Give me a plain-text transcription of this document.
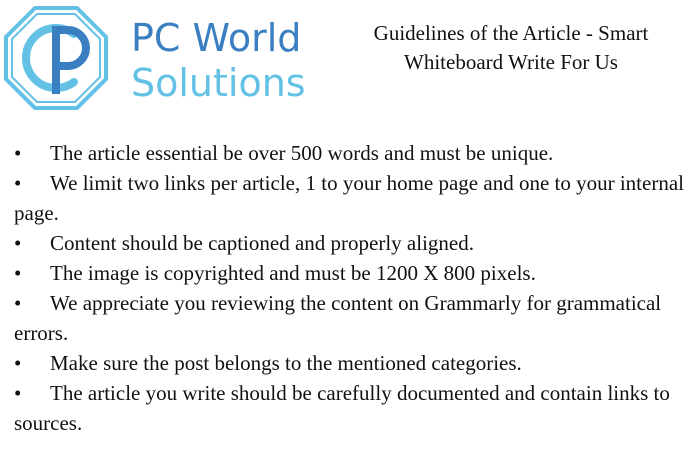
PC World
Solutions
Guidelines of the Article - Smart Whiteboard Write For Us
• The article essential be over 500 words and must be unique.
• We limit two links per article, 1 to your home page and one to your internal page.
• Content should be captioned and properly aligned.
• The image is copyrighted and must be 1200 X 800 pixels.
• We appreciate you reviewing the content on Grammarly for grammatical errors.
• Make sure the post belongs to the mentioned categories.
• The article you write should be carefully documented and contain links to sources.
